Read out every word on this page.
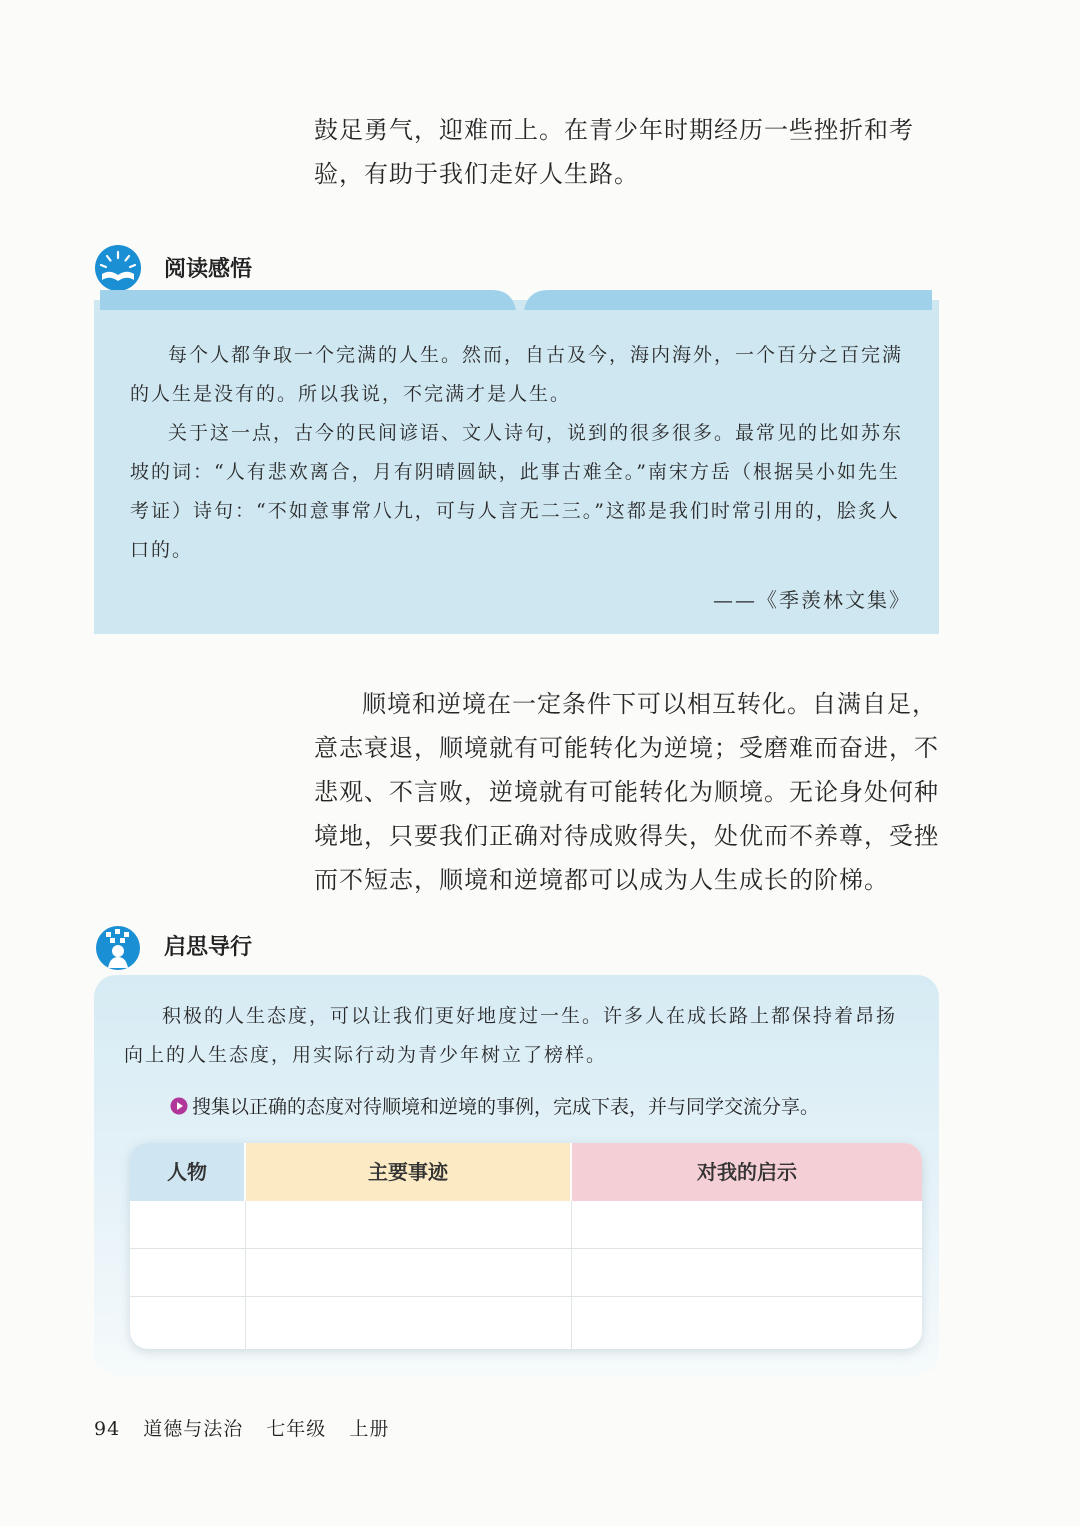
鼓足勇气，迎难而上。在青少年时期经历一些挫折和考

验，有助于我们走好人生路。

阅读感悟

每个人都争取一个完满的人生。然而，自古及今，海内海外，一个百分之百完满的人生是没有的。所以我说，不完满才是人生。

关于这一点，古今的民间谚语、文人诗句，说到的很多很多。最常见的比如苏东坡的词：“人有悲欢离合，月有阴晴圆缺，此事古难全。”南宋方岳（根据吴小如先生考证）诗句：“不如意事常八九，可与人言无二三。”这都是我们时常引用的，脍炙人口的。

——《季羡林文集》

顺境和逆境在一定条件下可以相互转化。自满自足，意志衰退，顺境就有可能转化为逆境；受磨难而奋进，不悲观、不言败，逆境就有可能转化为顺境。无论身处何种境地，只要我们正确对待成败得失，处优而不养尊，受挫而不短志，顺境和逆境都可以成为人生成长的阶梯。

启思导行

积极的人生态度，可以让我们更好地度过一生。许多人在成长路上都保持着昂扬向上的人生态度，用实际行动为青少年树立了榜样。

搜集以正确的态度对待顺境和逆境的事例，完成下表，并与同学交流分享。
人物	主要事迹	对我的启示
94 道德与法治 七年级 上册
